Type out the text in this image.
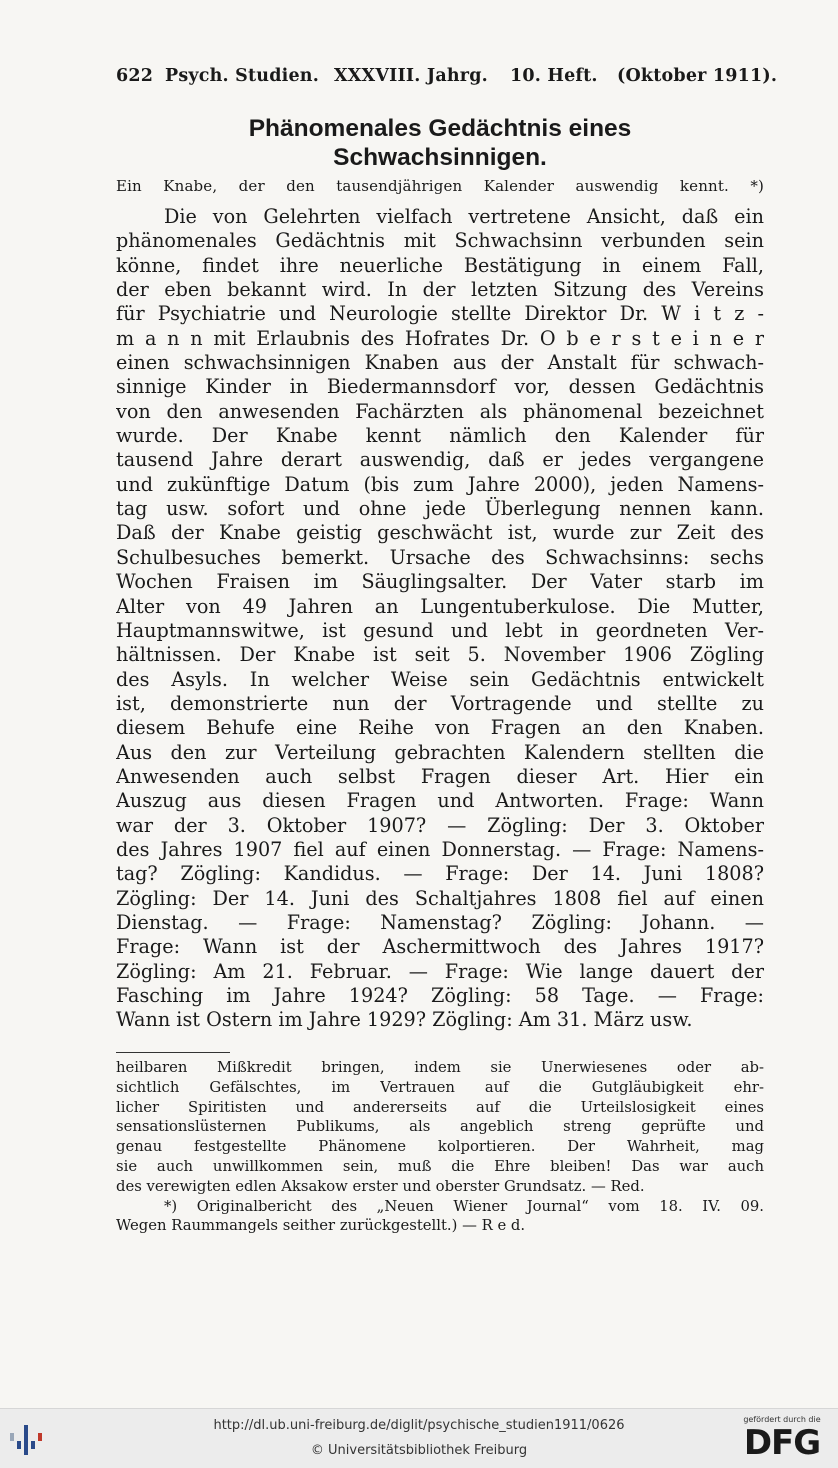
622 Psych. Studien. XXXVIII. Jahrg. 10. Heft. (Oktober 1911).
Phänomenales Gedächtnis eines
Schwachsinnigen.
Ein Knabe, der den tausendjährigen Kalender auswendig kennt. *)
Die von Gelehrten vielfach vertretene Ansicht, daß ein
phänomenales Gedächtnis mit Schwachsinn verbunden sein
könne, findet ihre neuerliche Bestätigung in einem Fall,
der eben bekannt wird. In der letzten Sitzung des Vereins
für Psychiatrie und Neurologie stellte Direktor Dr. W i t z -
m a n n mit Erlaubnis des Hofrates Dr. O b e r s t e i n e r
einen schwachsinnigen Knaben aus der Anstalt für schwach-
sinnige Kinder in Biedermannsdorf vor, dessen Gedächtnis
von den anwesenden Fachärzten als phänomenal bezeichnet
wurde. Der Knabe kennt nämlich den Kalender für
tausend Jahre derart auswendig, daß er jedes vergangene
und zukünftige Datum (bis zum Jahre 2000), jeden Namens-
tag usw. sofort und ohne jede Überlegung nennen kann.
Daß der Knabe geistig geschwächt ist, wurde zur Zeit des
Schulbesuches bemerkt. Ursache des Schwachsinns: sechs
Wochen Fraisen im Säuglingsalter. Der Vater starb im
Alter von 49 Jahren an Lungentuberkulose. Die Mutter,
Hauptmannswitwe, ist gesund und lebt in geordneten Ver-
hältnissen. Der Knabe ist seit 5. November 1906 Zögling
des Asyls. In welcher Weise sein Gedächtnis entwickelt
ist, demonstrierte nun der Vortragende und stellte zu
diesem Behufe eine Reihe von Fragen an den Knaben.
Aus den zur Verteilung gebrachten Kalendern stellten die
Anwesenden auch selbst Fragen dieser Art. Hier ein
Auszug aus diesen Fragen und Antworten. Frage: Wann
war der 3. Oktober 1907? — Zögling: Der 3. Oktober
des Jahres 1907 fiel auf einen Donnerstag. — Frage: Namens-
tag? Zögling: Kandidus. — Frage: Der 14. Juni 1808?
Zögling: Der 14. Juni des Schaltjahres 1808 fiel auf einen
Dienstag. — Frage: Namenstag? Zögling: Johann. —
Frage: Wann ist der Aschermittwoch des Jahres 1917?
Zögling: Am 21. Februar. — Frage: Wie lange dauert der
Fasching im Jahre 1924? Zögling: 58 Tage. — Frage:
Wann ist Ostern im Jahre 1929? Zögling: Am 31. März usw.
heilbaren Mißkredit bringen, indem sie Unerwiesenes oder ab-
sichtlich Gefälschtes, im Vertrauen auf die Gutgläubigkeit ehr-
licher Spiritisten und andererseits auf die Urteilslosigkeit eines
sensationslüsternen Publikums, als angeblich streng geprüfte und
genau festgestellte Phänomene kolportieren. Der Wahrheit, mag
sie auch unwillkommen sein, muß die Ehre bleiben! Das war auch
des verewigten edlen Aksakow erster und oberster Grundsatz. — Red.
*) Originalbericht des „Neuen Wiener Journal“ vom 18. IV. 09.
Wegen Raummangels seither zurückgestellt.) — R e d.
http://dl.ub.uni-freiburg.de/diglit/psychische_studien1911/0626
© Universitätsbibliothek Freiburg
gefördert durch die
DFG
